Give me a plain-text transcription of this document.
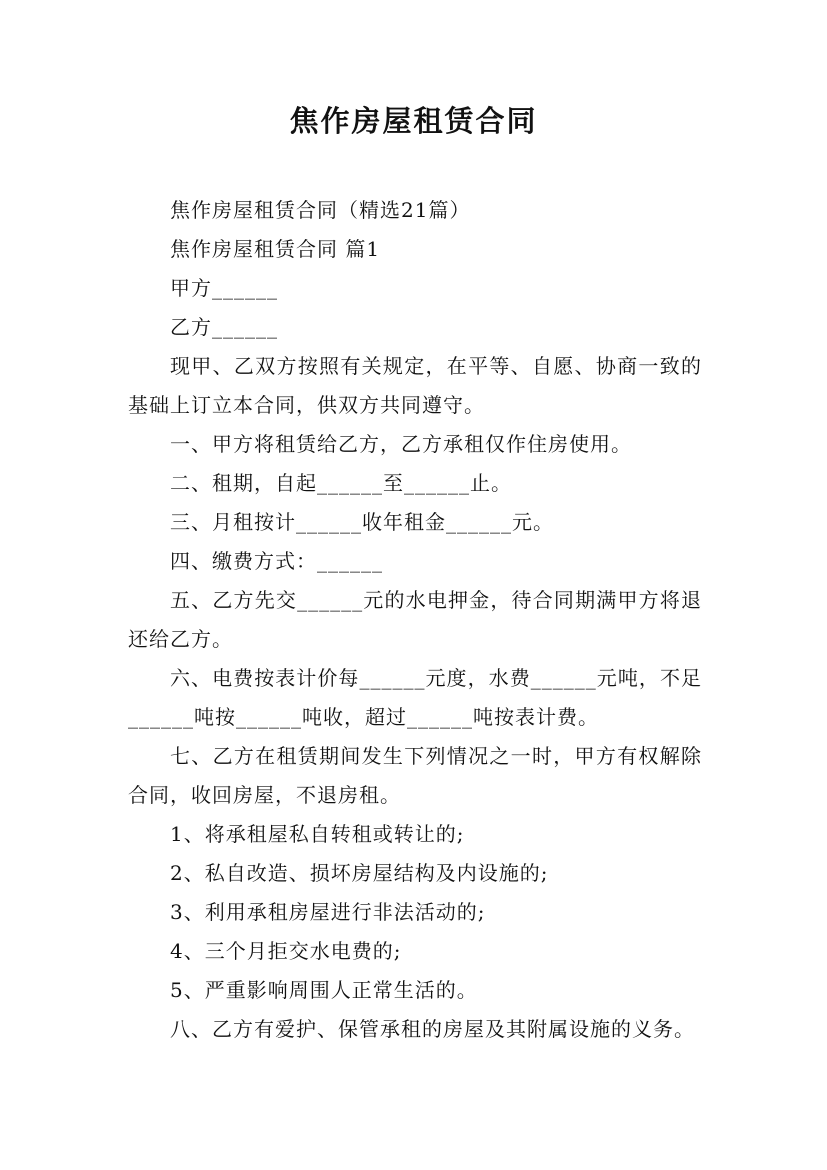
焦作房屋租赁合同

焦作房屋租赁合同（精选21篇）

焦作房屋租赁合同 篇1

甲方______

乙方______

现甲、乙双方按照有关规定，在平等、自愿、协商一致的基础上订立本合同，供双方共同遵守。

一、甲方将租赁给乙方，乙方承租仅作住房使用。

二、租期，自起______至______止。

三、月租按计______收年租金______元。

四、缴费方式：______

五、乙方先交______元的水电押金，待合同期满甲方将退还给乙方。

六、电费按表计价每______元度，水费______元吨，不足______吨按______吨收，超过______吨按表计费。

七、乙方在租赁期间发生下列情况之一时，甲方有权解除合同，收回房屋，不退房租。

1、将承租屋私自转租或转让的;

2、私自改造、损坏房屋结构及内设施的;

3、利用承租房屋进行非法活动的;

4、三个月拒交水电费的;

5、严重影响周围人正常生活的。

八、乙方有爱护、保管承租的房屋及其附属设施的义务。
